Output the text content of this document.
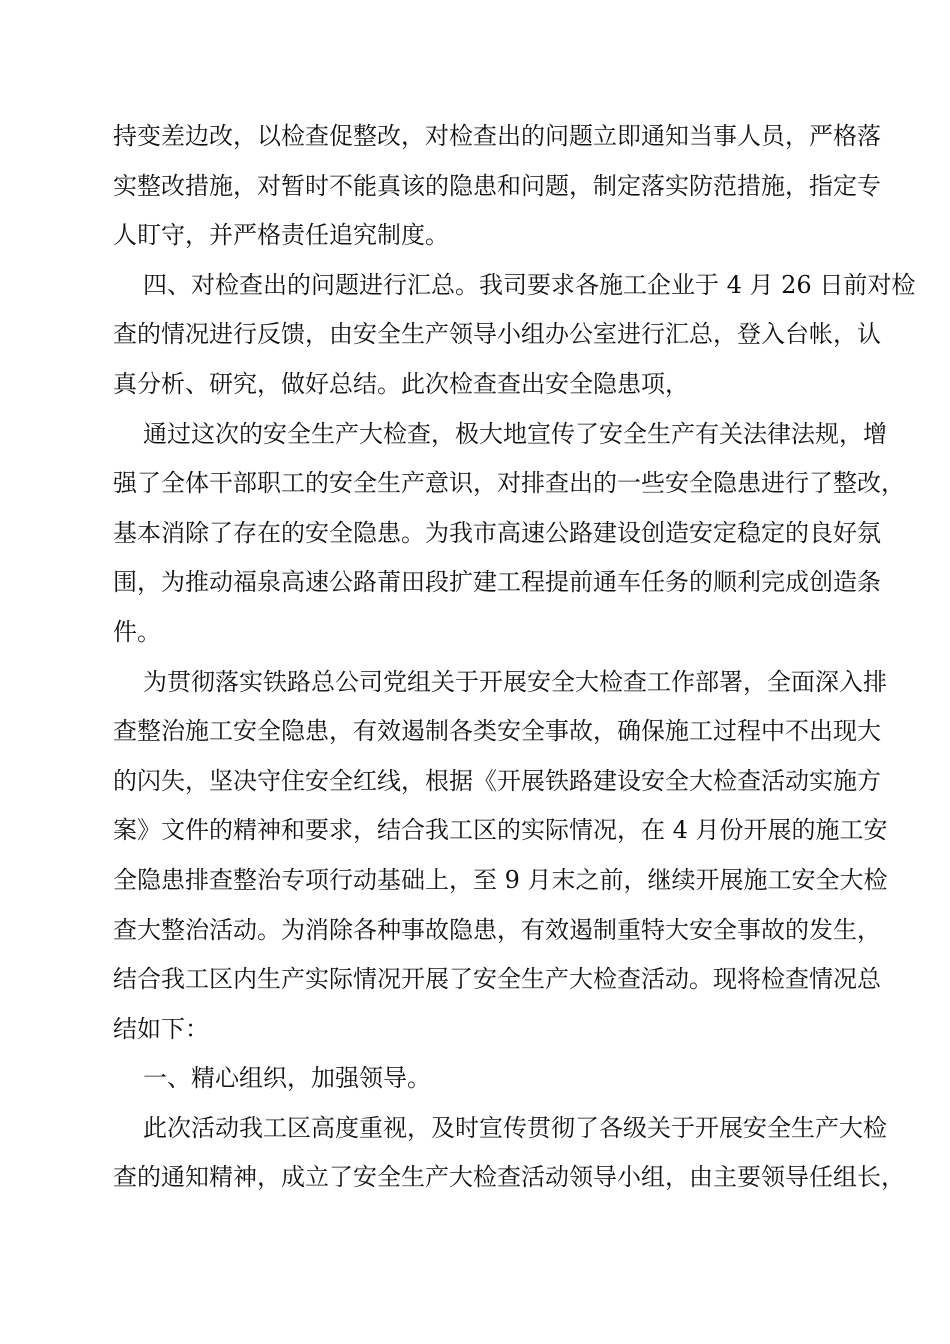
持变差边改，以检查促整改，对检查出的问题立即通知当事人员，严格落
实整改措施，对暂时不能真该的隐患和问题，制定落实防范措施，指定专
人盯守，并严格责任追究制度。
四、对检查出的问题进行汇总。我司要求各施工企业于 4 月 26 日前对检
查的情况进行反馈，由安全生产领导小组办公室进行汇总，登入台帐，认
真分析、研究，做好总结。此次检查查出安全隐患项，
通过这次的安全生产大检查，极大地宣传了安全生产有关法律法规，增
强了全体干部职工的安全生产意识，对排查出的一些安全隐患进行了整改，
基本消除了存在的安全隐患。为我市高速公路建设创造安定稳定的良好氛
围，为推动福泉高速公路莆田段扩建工程提前通车任务的顺利完成创造条
件。
为贯彻落实铁路总公司党组关于开展安全大检查工作部署，全面深入排
查整治施工安全隐患，有效遏制各类安全事故，确保施工过程中不出现大
的闪失，坚决守住安全红线，根据《开展铁路建设安全大检查活动实施方
案》文件的精神和要求，结合我工区的实际情况，在 4 月份开展的施工安
全隐患排查整治专项行动基础上，至 9 月末之前，继续开展施工安全大检
查大整治活动。为消除各种事故隐患，有效遏制重特大安全事故的发生，
结合我工区内生产实际情况开展了安全生产大检查活动。现将检查情况总
结如下：
一、精心组织，加强领导。
此次活动我工区高度重视，及时宣传贯彻了各级关于开展安全生产大检
查的通知精神，成立了安全生产大检查活动领导小组，由主要领导任组长，
